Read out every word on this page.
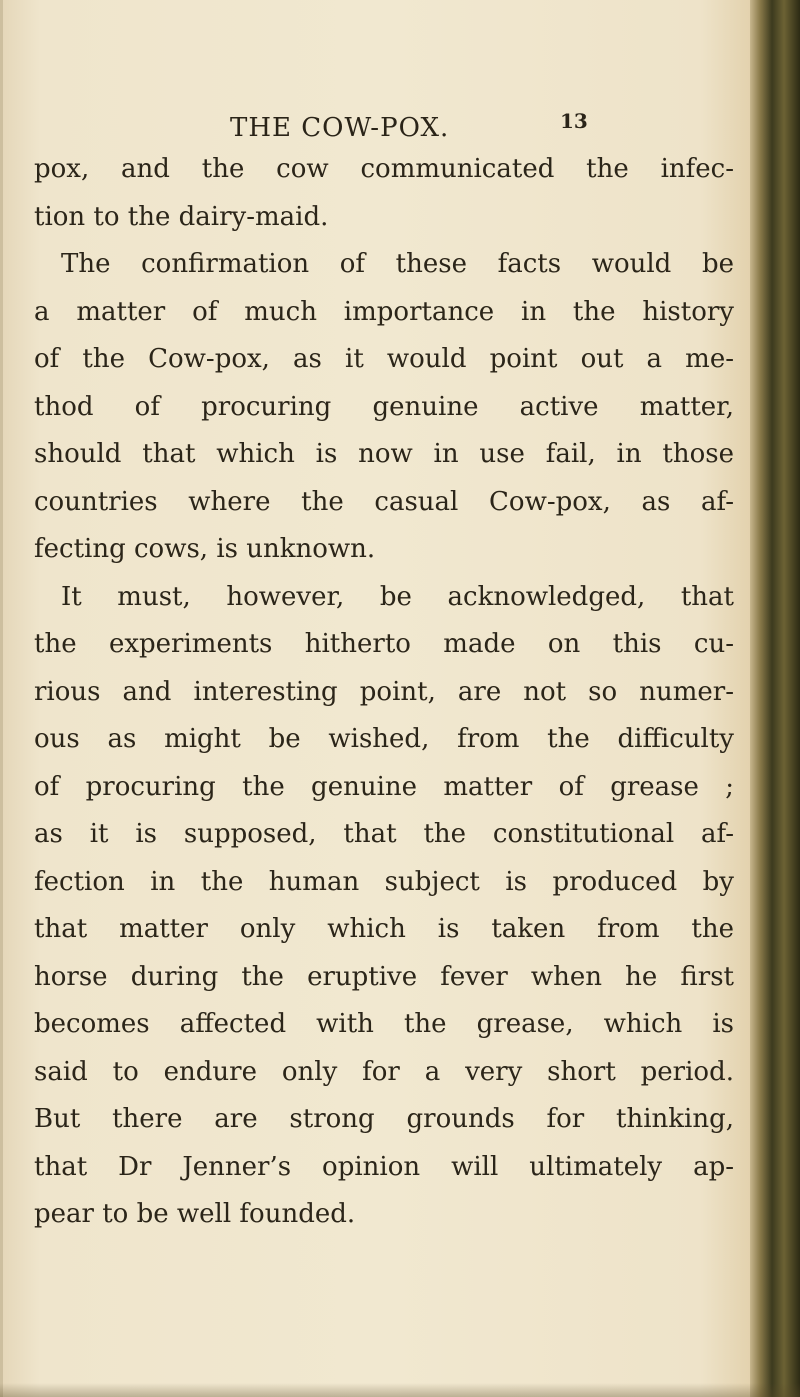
THE COW-POX.	13
pox, and the cow communicated the infec-
tion to the dairy-maid.
The confirmation of these facts would be
a matter of much importance in the history
of the Cow-pox, as it would point out a me-
thod of procuring genuine active matter,
should that which is now in use fail, in those
countries where the casual Cow-pox, as af-
fecting cows, is unknown.
It must, however, be acknowledged, that
the experiments hitherto made on this cu-
rious and interesting point, are not so numer-
ous as might be wished, from the difficulty
of procuring the genuine matter of grease ;
as it is supposed, that the constitutional af-
fection in the human subject is produced by
that matter only which is taken from the
horse during the eruptive fever when he first
becomes affected with the grease, which is
said to endure only for a very short period.
But there are strong grounds for thinking,
that Dr Jenner’s opinion will ultimately ap-
pear to be well founded.
